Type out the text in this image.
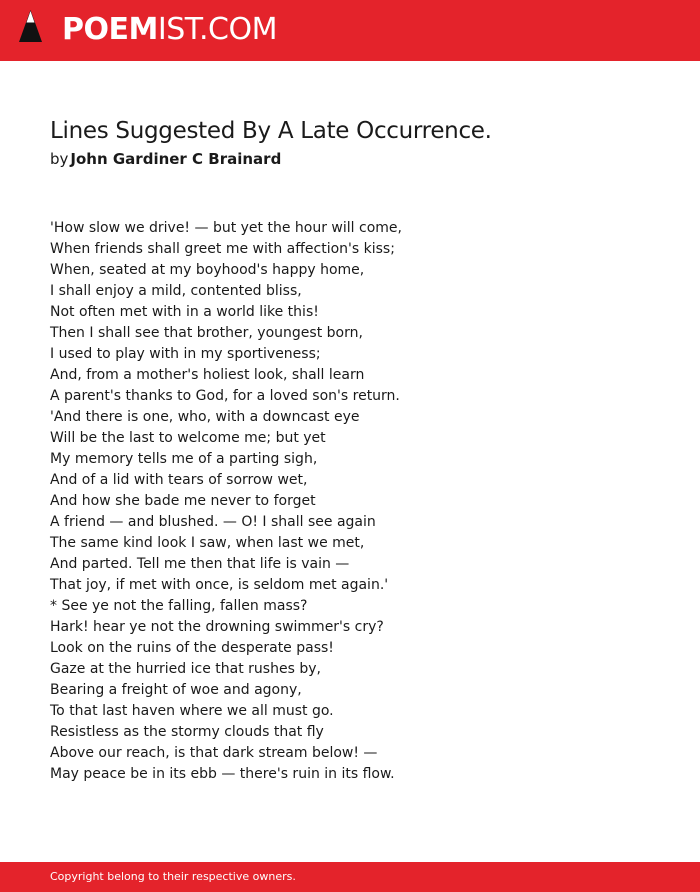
POEMIST.COM
Lines Suggested By A Late Occurrence.
by John Gardiner C Brainard
'How slow we drive! — but yet the hour will come,
When friends shall greet me with affection's kiss;
When, seated at my boyhood's happy home,
I shall enjoy a mild, contented bliss,
Not often met with in a world like this!
Then I shall see that brother, youngest born,
I used to play with in my sportiveness;
And, from a mother's holiest look, shall learn
A parent's thanks to God, for a loved son's return.
'And there is one, who, with a downcast eye
Will be the last to welcome me; but yet
My memory tells me of a parting sigh,
And of a lid with tears of sorrow wet,
And how she bade me never to forget
A friend — and blushed. — O! I shall see again
The same kind look I saw, when last we met,
And parted. Tell me then that life is vain —
That joy, if met with once, is seldom met again.'
* See ye not the falling, fallen mass?
Hark! hear ye not the drowning swimmer's cry?
Look on the ruins of the desperate pass!
Gaze at the hurried ice that rushes by,
Bearing a freight of woe and agony,
To that last haven where we all must go.
Resistless as the stormy clouds that fly
Above our reach, is that dark stream below! —
May peace be in its ebb — there's ruin in its flow.
Copyright belong to their respective owners.
